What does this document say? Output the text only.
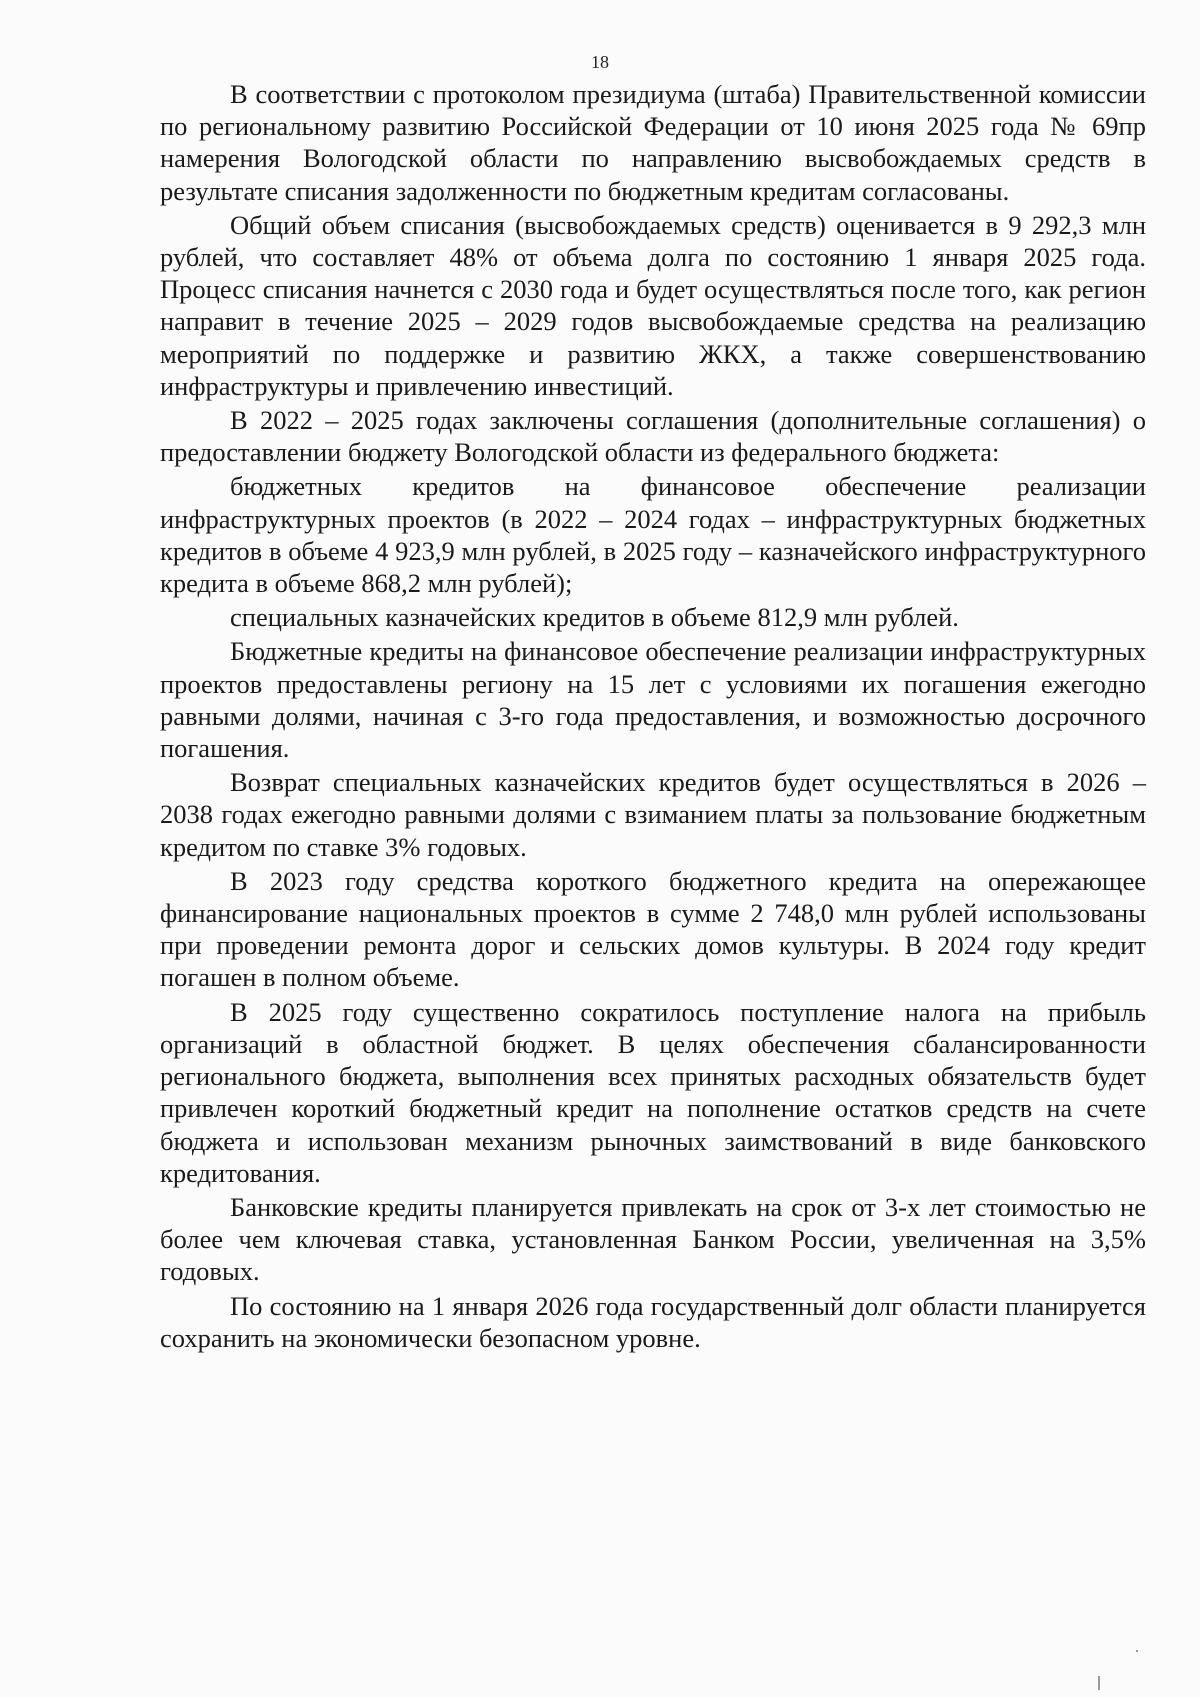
18

В соответствии с протоколом президиума (штаба) Правительственной комиссии по региональному развитию Российской Федерации от 10 июня 2025 года № 69пр намерения Вологодской области по направлению высвобождаемых средств в результате списания задолженности по бюджетным кредитам согласованы.

Общий объем списания (высвобождаемых средств) оценивается в 9 292,3 млн рублей, что составляет 48% от объема долга по состоянию 1 января 2025 года. Процесс списания начнется с 2030 года и будет осуществляться после того, как регион направит в течение 2025 – 2029 годов высвобождаемые средства на реализацию мероприятий по поддержке и развитию ЖКХ, а также совершенствованию инфраструктуры и привлечению инвестиций.

В 2022 – 2025 годах заключены соглашения (дополнительные соглашения) о предоставлении бюджету Вологодской области из федерального бюджета:

бюджетных кредитов на финансовое обеспечение реализации инфраструктурных проектов (в 2022 – 2024 годах – инфраструктурных бюджетных кредитов в объеме 4 923,9 млн рублей, в 2025 году – казначейского инфраструктурного кредита в объеме 868,2 млн рублей);

специальных казначейских кредитов в объеме 812,9 млн рублей.

Бюджетные кредиты на финансовое обеспечение реализации инфраструктурных проектов предоставлены региону на 15 лет с условиями их погашения ежегодно равными долями, начиная с 3-го года предоставления, и возможностью досрочного погашения.

Возврат специальных казначейских кредитов будет осуществляться в 2026 – 2038 годах ежегодно равными долями с взиманием платы за пользование бюджетным кредитом по ставке 3% годовых.

В 2023 году средства короткого бюджетного кредита на опережающее финансирование национальных проектов в сумме 2 748,0 млн рублей использованы при проведении ремонта дорог и сельских домов культуры. В 2024 году кредит погашен в полном объеме.

В 2025 году существенно сократилось поступление налога на прибыль организаций в областной бюджет. В целях обеспечения сбалансированности регионального бюджета, выполнения всех принятых расходных обязательств будет привлечен короткий бюджетный кредит на пополнение остатков средств на счете бюджета и использован механизм рыночных заимствований в виде банковского кредитования.

Банковские кредиты планируется привлекать на срок от 3-х лет стоимостью не более чем ключевая ставка, установленная Банком России, увеличенная на 3,5% годовых.

По состоянию на 1 января 2026 года государственный долг области планируется сохранить на экономически безопасном уровне.
